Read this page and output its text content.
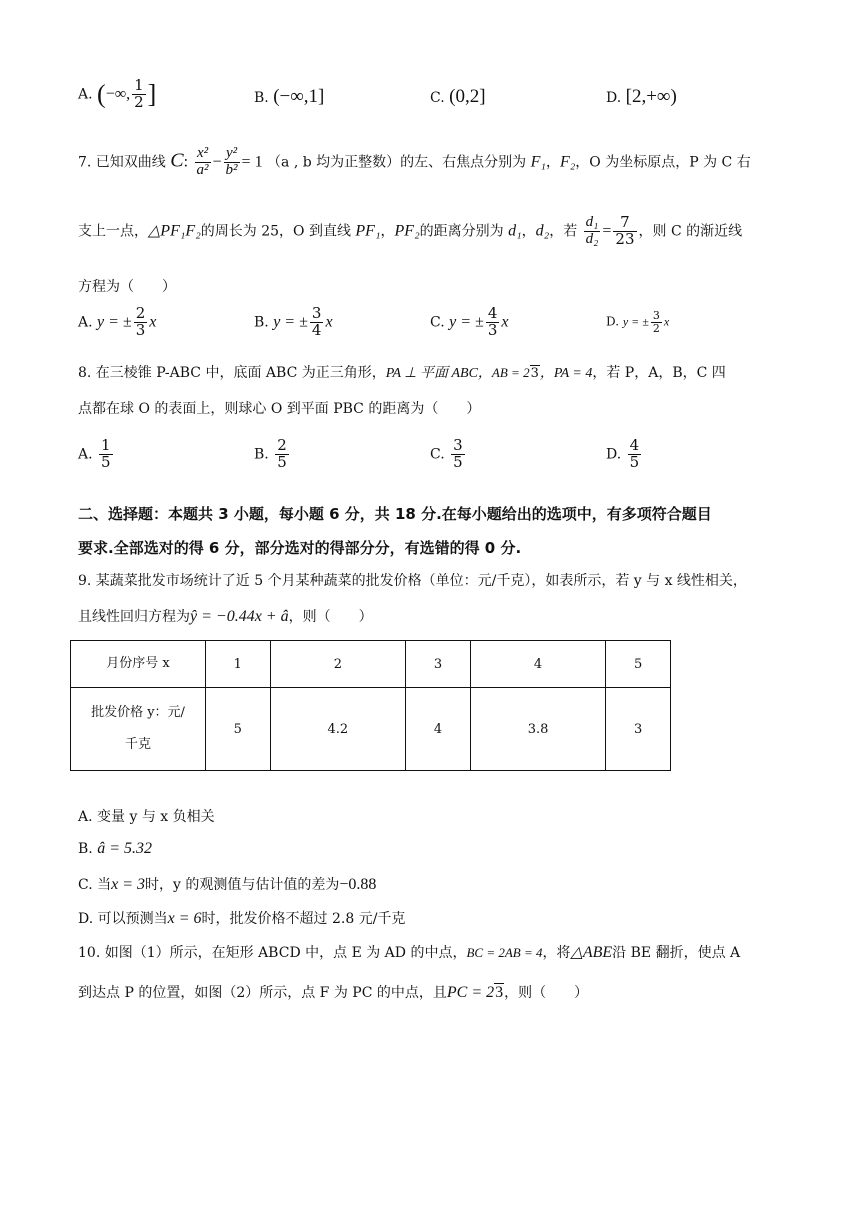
A. (−∞, $\frac{1}{2}$ ]	B. (−∞,1]	C. (0,2]	D. [2,+∞)
7. 已知双曲线 C: $\frac{\text{x²}}{\text{a²}} - \frac{\text{y²}}{\text{b²}} = 1$ （a , b 均为正整数）的左、右焦点分别为 F₁，F₂，O 为坐标原点，P 为 C 右
支上一点，△PF₁F₂的周长为 25，O 到直线 PF₁，PF₂的距离分别为 d₁，d₂，若 $\frac{\text{d₁}}{\text{d₂}} = \frac{7}{23}$ ，则 C 的渐近线
方程为（　　）
A. y = ± $\frac{2}{3}$ x	B. y = ± $\frac{3}{4}$ x	C. y = ± $\frac{4}{3}$ x	D. y = ± $\frac{3}{2}$ x
8. 在三棱锥 P-ABC 中，底面 ABC 为正三角形，PA ⊥ 平面 ABC，AB = 23，PA = 4，若 P，A，B，C 四
点都在球 O 的表面上，则球心 O 到平面 PBC 的距离为（　　）
A. $\frac{1}{5}$	B. $\frac{2}{5}$	C. $\frac{3}{5}$	D. $\frac{4}{5}$
二、选择题：本题共 3 小题，每小题 6 分，共 18 分.在每小题给出的选项中，有多项符合题目
要求.全部选对的得 6 分，部分选对的得部分分，有选错的得 0 分.
9. 某蔬菜批发市场统计了近 5 个月某种蔬菜的批发价格（单位：元/千克），如表所示，若 y 与 x 线性相关，
且线性回归方程为ŷ = −0.44x + â，则（　　）
月份序号 x	1	2	3	4	5

批发价格 y：元/
千克	5	4.2	4	3.8	3
A. 变量 y 与 x 负相关
B. â = 5.32
C. 当x = 3时，y 的观测值与估计值的差为−0.88
D. 可以预测当x = 6时，批发价格不超过 2.8 元/千克
10. 如图（1）所示，在矩形 ABCD 中，点 E 为 AD 的中点，BC = 2AB = 4，将△ABE沿 BE 翻折，使点 A
到达点 P 的位置，如图（2）所示，点 F 为 PC 的中点，且PC = 23，则（　　）
